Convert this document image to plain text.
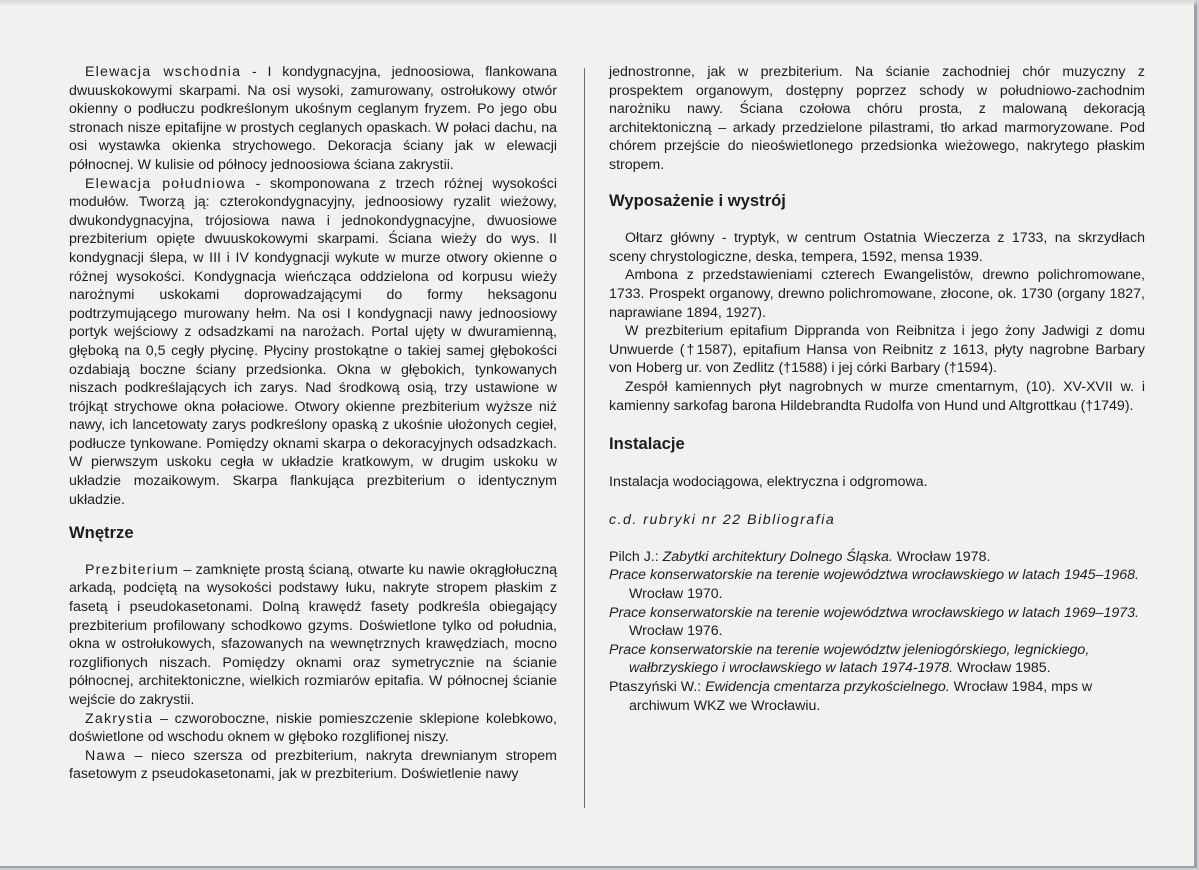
Elewacja wschodnia - I kondygnacyjna, jednoosiowa, flankowana dwuuskokowymi skarpami. Na osi wysoki, zamurowany, ostrołukowy otwór okienny o podłuczu podkreślonym ukośnym ceglanym fryzem. Po jego obu stronach nisze epitafijne w prostych ceglanych opaskach. W połaci dachu, na osi wystawka okienka strychowego. Dekoracja ściany jak w elewacji północnej. W kulisie od północy jednoosiowa ściana zakrystii.

Elewacja południowa - skomponowana z trzech różnej wysokości modułów. Tworzą ją: czterokondygnacyjny, jednoosiowy ryzalit wieżowy, dwukondygnacyjna, trójosiowa nawa i jednokondygnacyjne, dwuosiowe prezbiterium opięte dwuuskokowymi skarpami. Ściana wieży do wys. II kondygnacji ślepa, w III i IV kondygnacji wykute w murze otwory okienne o różnej wysokości. Kondygnacja wieńcząca oddzielona od korpusu wieży narożnymi uskokami doprowadzającymi do formy heksagonu podtrzymującego murowany hełm. Na osi I kondygnacji nawy jednoosiowy portyk wejściowy z odsadzkami na narożach. Portal ujęty w dwuramienną, głęboką na 0,5 cegły płycinę. Płyciny prostokątne o takiej samej głębokości ozdabiają boczne ściany przedsionka. Okna w głębokich, tynkowanych niszach podkreślających ich zarys. Nad środkową osią, trzy ustawione w trójkąt strychowe okna połaciowe. Otwory okienne prezbiterium wyższe niż nawy, ich lancetowaty zarys podkreślony opaską z ukośnie ułożonych cegieł, podłucze tynkowane. Pomiędzy oknami skarpa o dekoracyjnych odsadzkach. W pierwszym uskoku cegła w układzie kratkowym, w drugim uskoku w układzie mozaikowym. Skarpa flankująca prezbiterium o identycznym układzie.

Wnętrze

Prezbiterium – zamknięte prostą ścianą, otwarte ku nawie okrągłołuczną arkadą, podciętą na wysokości podstawy łuku, nakryte stropem płaskim z fasetą i pseudokasetonami. Dolną krawędź fasety podkreśla obiegający prezbiterium profilowany schodkowo gzyms. Doświetlone tylko od południa, okna w ostrołukowych, sfazowanych na wewnętrznych krawędziach, mocno rozglifionych niszach. Pomiędzy oknami oraz symetrycznie na ścianie północnej, architektoniczne, wielkich rozmiarów epitafia. W północnej ścianie wejście do zakrystii.

Zakrystia – czworoboczne, niskie pomieszczenie sklepione kolebkowo, doświetlone od wschodu oknem w głęboko rozglifionej niszy.

Nawa – nieco szersza od prezbiterium, nakryta drewnianym stropem fasetowym z pseudokasetonami, jak w prezbiterium. Doświetlenie nawy

jednostronne, jak w prezbiterium. Na ścianie zachodniej chór muzyczny z prospektem organowym, dostępny poprzez schody w południowo-zachodnim narożniku nawy. Ściana czołowa chóru prosta, z malowaną dekoracją architektoniczną – arkady przedzielone pilastrami, tło arkad marmoryzowane. Pod chórem przejście do nieoświetlonego przedsionka wieżowego, nakrytego płaskim stropem.

Wyposażenie i wystrój

Ołtarz główny - tryptyk, w centrum Ostatnia Wieczerza z 1733, na skrzydłach sceny chrystologiczne, deska, tempera, 1592, mensa 1939.

Ambona z przedstawieniami czterech Ewangelistów, drewno polichromowane, 1733. Prospekt organowy, drewno polichromowane, złocone, ok. 1730 (organy 1827, naprawiane 1894, 1927).

W prezbiterium epitafium Dippranda von Reibnitza i jego żony Jadwigi z domu Unwuerde (†1587), epitafium Hansa von Reibnitz z 1613, płyty nagrobne Barbary von Hoberg ur. von Zedlitz (†1588) i jej córki Barbary (†1594).

Zespół kamiennych płyt nagrobnych w murze cmentarnym, (10). XV-XVII w. i kamienny sarkofag barona Hildebrandta Rudolfa von Hund und Altgrottkau (†1749).

Instalacje

Instalacja wodociągowa, elektryczna i odgromowa.

c.d. rubryki nr 22 Bibliografia

Pilch J.: Zabytki architektury Dolnego Śląska. Wrocław 1978.

Prace konserwatorskie na terenie województwa wrocławskiego w latach 1945–1968. Wrocław 1970.

Prace konserwatorskie na terenie województwa wrocławskiego w latach 1969–1973. Wrocław 1976.

Prace konserwatorskie na terenie województw jeleniogórskiego, legnickiego, wałbrzyskiego i wrocławskiego w latach 1974-1978. Wrocław 1985.

Ptaszyński W.: Ewidencja cmentarza przykościelnego. Wrocław 1984, mps w archiwum WKZ we Wrocławiu.
